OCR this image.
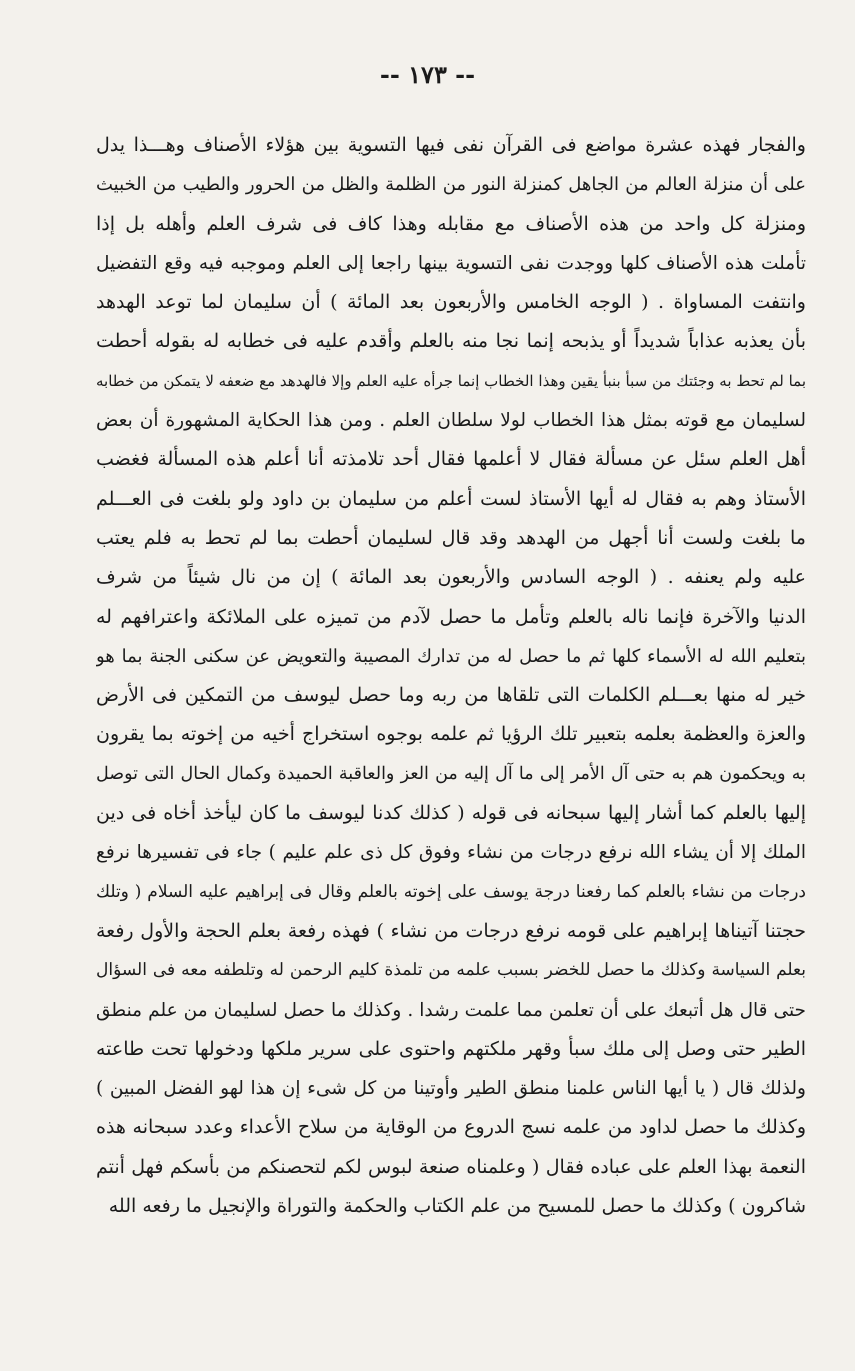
-- ١٧٣ --
والفجار فهذه عشرة مواضع فى القرآن نفى فيها التسوية بين هؤلاء الأصناف وهـــذا يدل
على أن منزلة العالم من الجاهل كمنزلة النور من الظلمة والظل من الحرور والطيب من الخبيث
ومنزلة كل واحد من هذه الأصناف مع مقابله وهذا كاف فى شرف العلم وأهله بل إذا
تأملت هذه الأصناف كلها ووجدت نفى التسوية بينها راجعا إلى العلم وموجبه فيه وقع التفضيل
وانتفت المساواة . ( الوجه الخامس والأربعون بعد المائة ) أن سليمان لما توعد الهدهد
بأن يعذبه عذاباً شديداً أو يذبحه إنما نجا منه بالعلم وأقدم عليه فى خطابه له بقوله أحطت
بما لم تحط به وجئتك من سبأ بنبأ يقين وهذا الخطاب إنما جرأه عليه العلم وإلا فالهدهد مع ضعفه لا يتمكن من خطابه
لسليمان مع قوته بمثل هذا الخطاب لولا سلطان العلم . ومن هذا الحكاية المشهورة أن بعض
أهل العلم سئل عن مسألة فقال لا أعلمها فقال أحد تلامذته أنا أعلم هذه المسألة فغضب
الأستاذ وهم به فقال له أيها الأستاذ لست أعلم من سليمان بن داود ولو بلغت فى العـــلم
ما بلغت ولست أنا أجهل من الهدهد وقد قال لسليمان أحطت بما لم تحط به فلم يعتب
عليه ولم يعنفه . ( الوجه السادس والأربعون بعد المائة ) إن من نال شيئاً من شرف
الدنيا والآخرة فإنما ناله بالعلم وتأمل ما حصل لآدم من تميزه على الملائكة واعترافهم له
بتعليم الله له الأسماء كلها ثم ما حصل له من تدارك المصيبة والتعويض عن سكنى الجنة بما هو
خير له منها بعـــلم الكلمات التى تلقاها من ربه وما حصل ليوسف من التمكين فى الأرض
والعزة والعظمة بعلمه بتعبير تلك الرؤيا ثم علمه بوجوه استخراج أخيه من إخوته بما يقرون
به ويحكمون هم به حتى آل الأمر إلى ما آل إليه من العز والعاقبة الحميدة وكمال الحال التى توصل
إليها بالعلم كما أشار إليها سبحانه فى قوله ( كذلك كدنا ليوسف ما كان ليأخذ أخاه فى دين
الملك إلا أن يشاء الله نرفع درجات من نشاء وفوق كل ذى علم عليم ) جاء فى تفسيرها نرفع
درجات من نشاء بالعلم كما رفعنا درجة يوسف على إخوته بالعلم وقال فى إبراهيم عليه السلام ( وتلك
حجتنا آتيناها إبراهيم على قومه نرفع درجات من نشاء ) فهذه رفعة بعلم الحجة والأول رفعة
بعلم السياسة وكذلك ما حصل للخضر بسبب علمه من تلمذة كليم الرحمن له وتلطفه معه فى السؤال
حتى قال هل أتبعك على أن تعلمن مما علمت رشدا . وكذلك ما حصل لسليمان من علم منطق
الطير حتى وصل إلى ملك سبأ وقهر ملكتهم واحتوى على سرير ملكها ودخولها تحت طاعته
ولذلك قال ( يا أيها الناس علمنا منطق الطير وأوتينا من كل شىء إن هذا لهو الفضل المبين )
وكذلك ما حصل لداود من علمه نسج الدروع من الوقاية من سلاح الأعداء وعدد سبحانه هذه
النعمة بهذا العلم على عباده فقال ( وعلمناه صنعة لبوس لكم لتحصنكم من بأسكم فهل أنتم
شاكرون ) وكذلك ما حصل للمسيح من علم الكتاب والحكمة والتوراة والإنجيل ما رفعه الله
